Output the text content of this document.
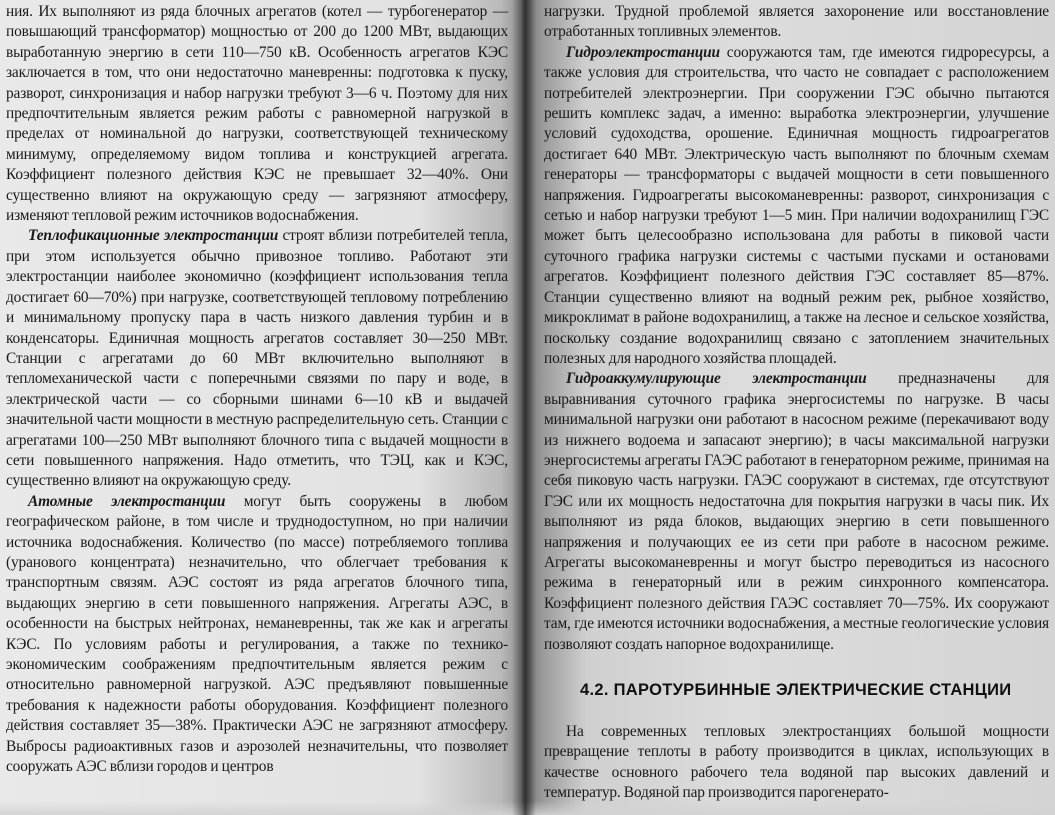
ния. Их выполняют из ряда блочных агрегатов (котел — турбогенератор — повышающий трансформатор) мощностью от 200 до 1200 МВт, выдающих выработанную энергию в сети 110—750 кВ. Особенность агрегатов КЭС заключается в том, что они недостаточно маневренны: подготовка к пуску, разворот, синхронизация и набор нагрузки требуют 3—6 ч. Поэтому для них предпочтительным является режим работы с равномерной нагрузкой в пределах от номинальной до нагрузки, соответствующей техническому минимуму, определяемому видом топлива и конструкцией агрегата. Коэффициент полезного действия КЭС не превышает 32—40%. Они существенно влияют на окружающую среду — загрязняют атмосферу, изменяют тепловой режим источников водоснабжения.

Теплофикационные электростанции строят вблизи потребителей тепла, при этом используется обычно привозное топливо. Работают эти электростанции наиболее экономично (коэффициент использования тепла достигает 60—70%) при нагрузке, соответствующей тепловому потреблению и минимальному пропуску пара в часть низкого давления турбин и в конденсаторы. Единичная мощность агрегатов составляет 30—250 МВт. Станции с агрегатами до 60 МВт включительно выполняют в тепломеханической части с поперечными связями по пару и воде, в электрической части — со сборными шинами 6—10 кВ и выдачей значительной части мощности в местную распределительную сеть. Станции с агрегатами 100—250 МВт выполняют блочного типа с выдачей мощности в сети повышенного напряжения. Надо отметить, что ТЭЦ, как и КЭС, существенно влияют на окружающую среду.

Атомные электростанции могут быть сооружены в любом географическом районе, в том числе и труднодоступном, но при наличии источника водоснабжения. Количество (по массе) потребляемого топлива (уранового концентрата) незначительно, что облегчает требования к транспортным связям. АЭС состоят из ряда агрегатов блочного типа, выдающих энергию в сети повышенного напряжения. Агрегаты АЭС, в особенности на быстрых нейтронах, неманевренны, так же как и агрегаты КЭС. По условиям работы и регулирования, а также по технико-экономическим соображениям предпочтительным является режим с относительно равномерной нагрузкой. АЭС предъявляют повышенные требования к надежности работы оборудования. Коэффициент полезного действия составляет 35—38%. Практически АЭС не загрязняют атмосферу. Выбросы радиоактивных газов и аэрозолей незначительны, что позволяет сооружать АЭС вблизи городов и центров

нагрузки. Трудной проблемой является захоронение или восстановление отработанных топливных элементов.

Гидроэлектростанции сооружаются там, где имеются гидроресурсы, а также условия для строительства, что часто не совпадает с расположением потребителей электроэнергии. При сооружении ГЭС обычно пытаются решить комплекс задач, а именно: выработка электроэнергии, улучшение условий судоходства, орошение. Единичная мощность гидроагрегатов достигает 640 МВт. Электрическую часть выполняют по блочным схемам генераторы — трансформаторы с выдачей мощности в сети повышенного напряжения. Гидроагрегаты высокоманевренны: разворот, синхронизация с сетью и набор нагрузки требуют 1—5 мин. При наличии водохранилищ ГЭС может быть целесообразно использована для работы в пиковой части суточного графика нагрузки системы с частыми пусками и остановами агрегатов. Коэффициент полезного действия ГЭС составляет 85—87%. Станции существенно влияют на водный режим рек, рыбное хозяйство, микроклимат в районе водохранилищ, а также на лесное и сельское хозяйства, поскольку создание водохранилищ связано с затоплением значительных полезных для народного хозяйства площадей.

Гидроаккумулирующие электростанции предназначены для выравнивания суточного графика энергосистемы по нагрузке. В часы минимальной нагрузки они работают в насосном режиме (перекачивают воду из нижнего водоема и запасают энергию); в часы максимальной нагрузки энергосистемы агрегаты ГАЭС работают в генераторном режиме, принимая на себя пиковую часть нагрузки. ГАЭС сооружают в системах, где отсутствуют ГЭС или их мощность недостаточна для покрытия нагрузки в часы пик. Их выполняют из ряда блоков, выдающих энергию в сети повышенного напряжения и получающих ее из сети при работе в насосном режиме. Агрегаты высокоманевренны и могут быстро переводиться из насосного режима в генераторный или в режим синхронного компенсатора. Коэффициент полезного действия ГАЭС составляет 70—75%. Их сооружают там, где имеются источники водоснабжения, а местные геологические условия позволяют создать напорное водохранилище.

4.2. ПАРОТУРБИННЫЕ ЭЛЕКТРИЧЕСКИЕ СТАНЦИИ

На современных тепловых электростанциях большой мощности превращение теплоты в работу производится в циклах, использующих в качестве основного рабочего тела водяной пар высоких давлений и температур. Водяной пар производится парогенерато-
